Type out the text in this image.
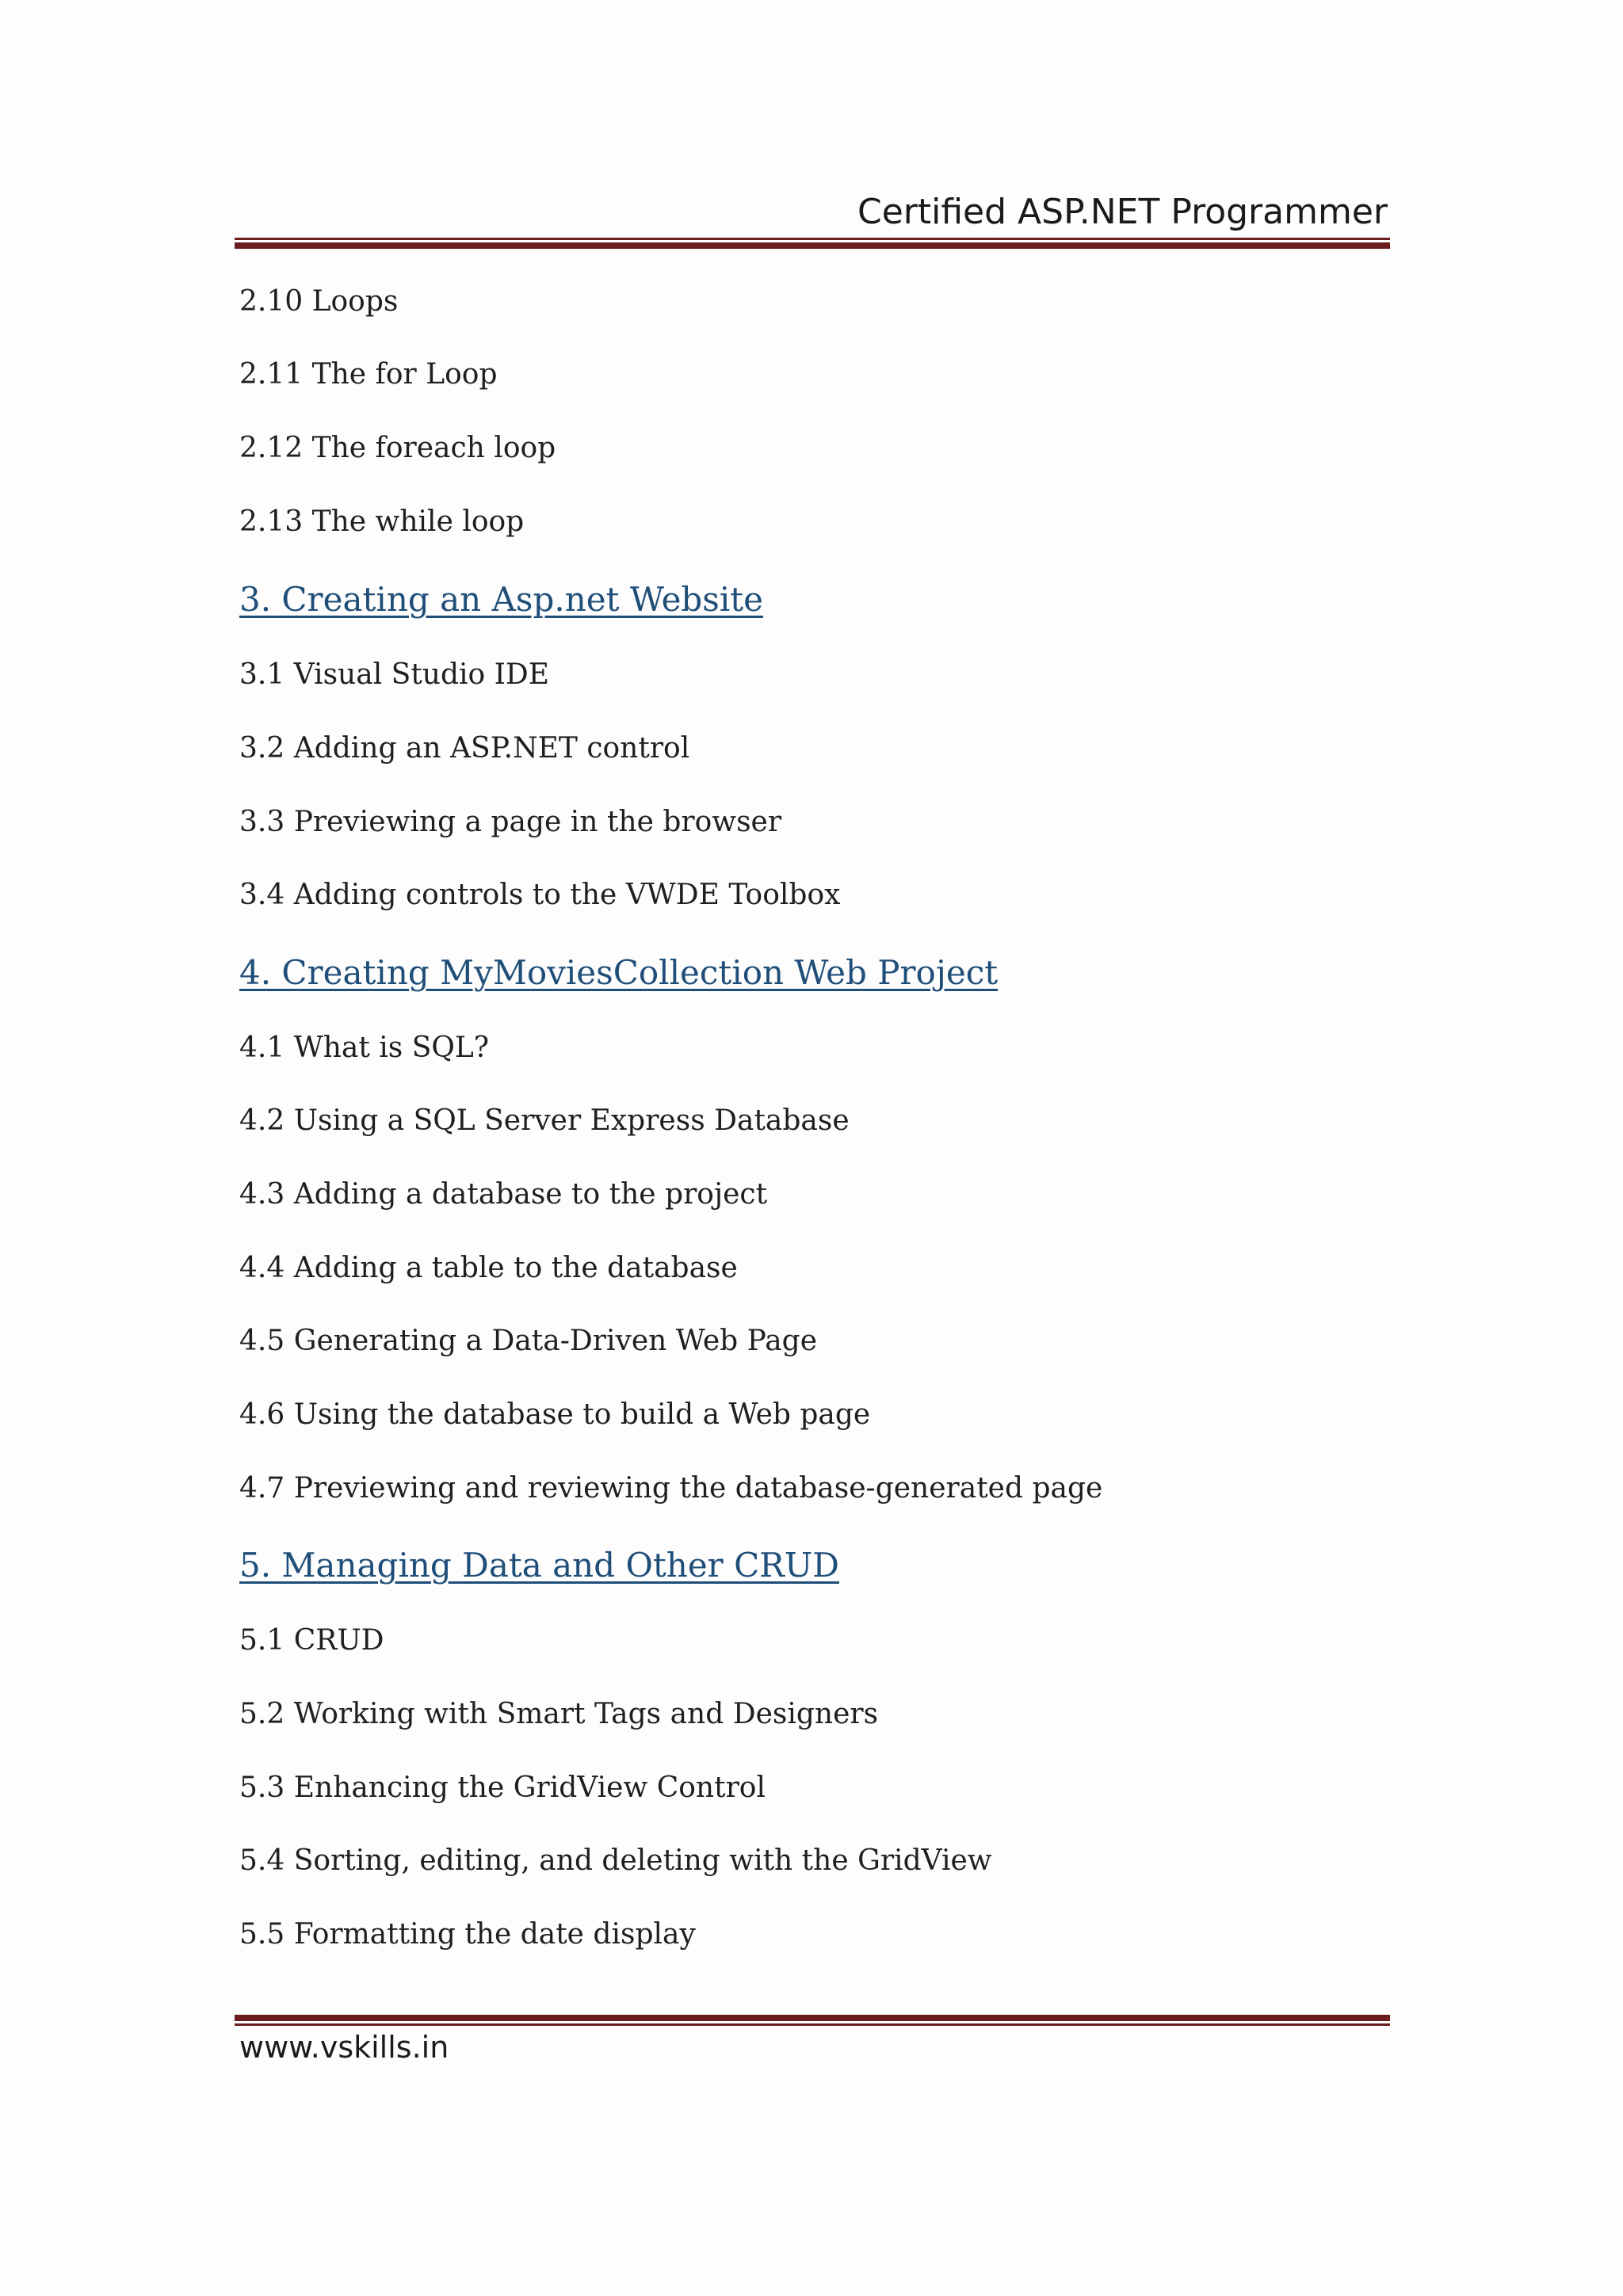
Certified ASP.NET Programmer
2.10 Loops
2.11 The for Loop
2.12 The foreach loop
2.13 The while loop
3. Creating an Asp.net Website
3.1 Visual Studio IDE
3.2 Adding an ASP.NET control
3.3 Previewing a page in the browser
3.4 Adding controls to the VWDE Toolbox
4. Creating MyMoviesCollection Web Project
4.1 What is SQL?
4.2 Using a SQL Server Express Database
4.3 Adding a database to the project
4.4 Adding a table to the database
4.5 Generating a Data-Driven Web Page
4.6 Using the database to build a Web page
4.7 Previewing and reviewing the database-generated page
5. Managing Data and Other CRUD
5.1 CRUD
5.2 Working with Smart Tags and Designers
5.3 Enhancing the GridView Control
5.4 Sorting, editing, and deleting with the GridView
5.5 Formatting the date display
www.vskills.in
